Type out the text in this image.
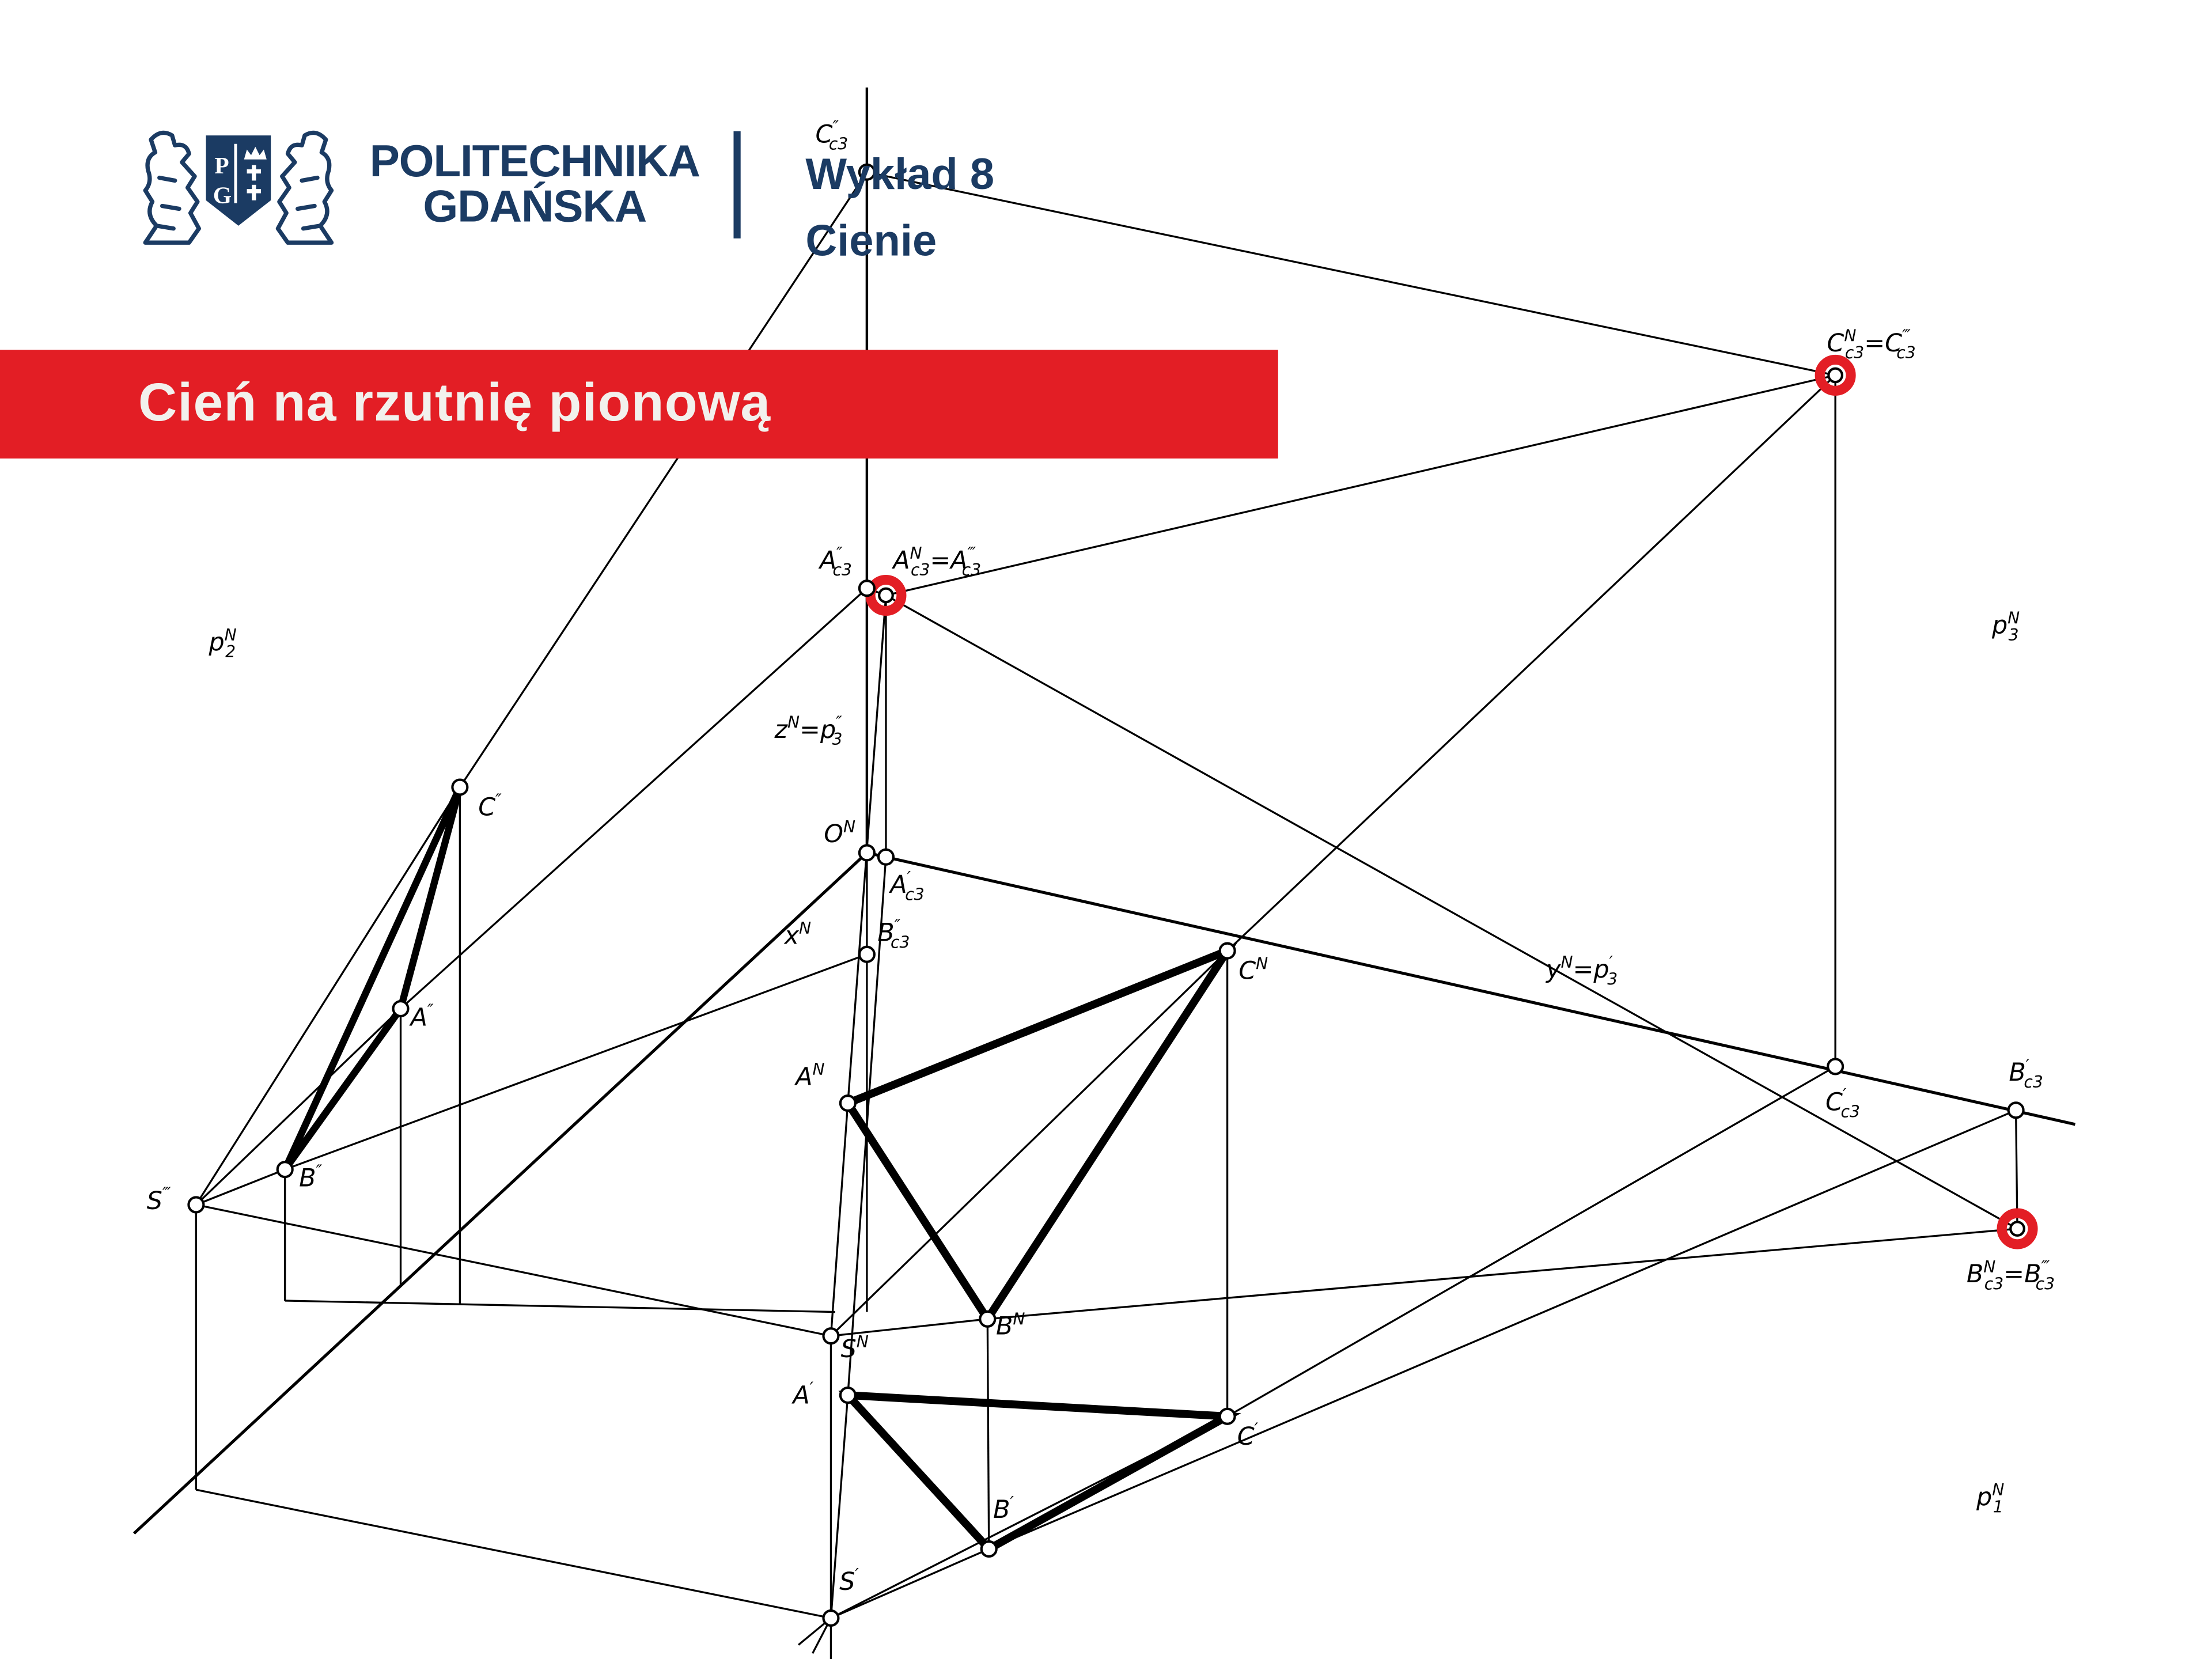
C″ c3
A″ c3	$A^N$ c3=A‴ c3
$C^N$ c3=C‴ c3
$B^N$ c3=B‴ c3
B′ c3
C′ c3
A′ c3
B″ c3
$O^N$
$x^N$
$z^N=p''$ 3
$y^N=p'$ 3
$p^N$ 2
$p^N$ 3
$p^N$ 1
C″
A″
B″
S‴
$C^N$
$A^N$
$B^N$
$S^N$
C′
A′
B′
S′
Cień na rzutnię pionową
P
G
POLITECHNIKA
GDAŃSKA
Wykład 8
Cienie
